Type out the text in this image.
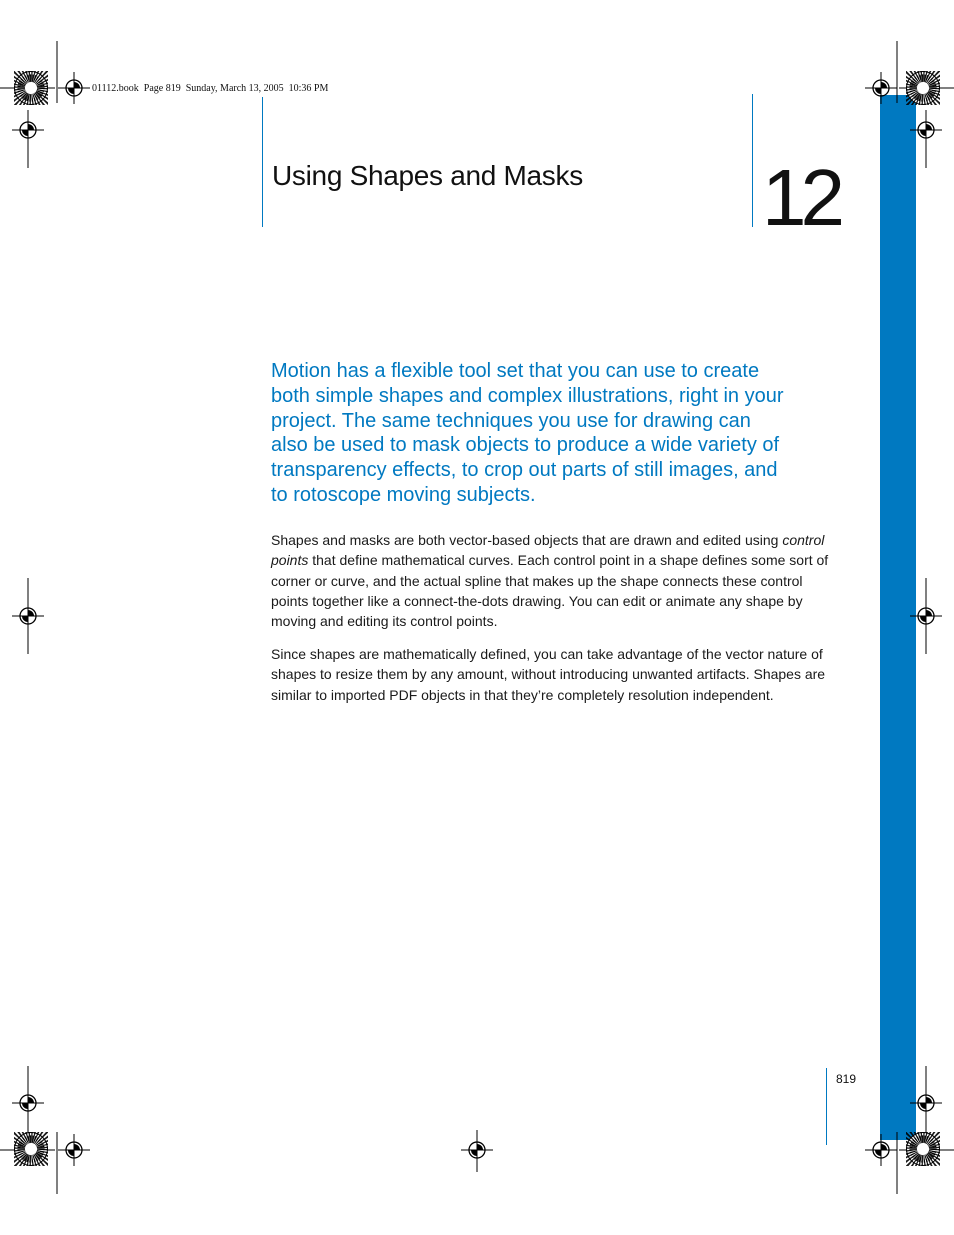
01112.book  Page 819  Sunday, March 13, 2005  10:36 PM
Using Shapes and Masks 12

Motion has a flexible tool set that you can use to create both simple shapes and complex illustrations, right in your project. The same techniques you use for drawing can also be used to mask objects to produce a wide variety of transparency effects, to crop out parts of still images, and to rotoscope moving subjects.

Shapes and masks are both vector-based objects that are drawn and edited using control points that define mathematical curves. Each control point in a shape defines some sort of corner or curve, and the actual spline that makes up the shape connects these control points together like a connect-the-dots drawing. You can edit or animate any shape by moving and editing its control points.

Since shapes are mathematically defined, you can take advantage of the vector nature of shapes to resize them by any amount, without introducing unwanted artifacts. Shapes are similar to imported PDF objects in that they’re completely resolution independent.

819
